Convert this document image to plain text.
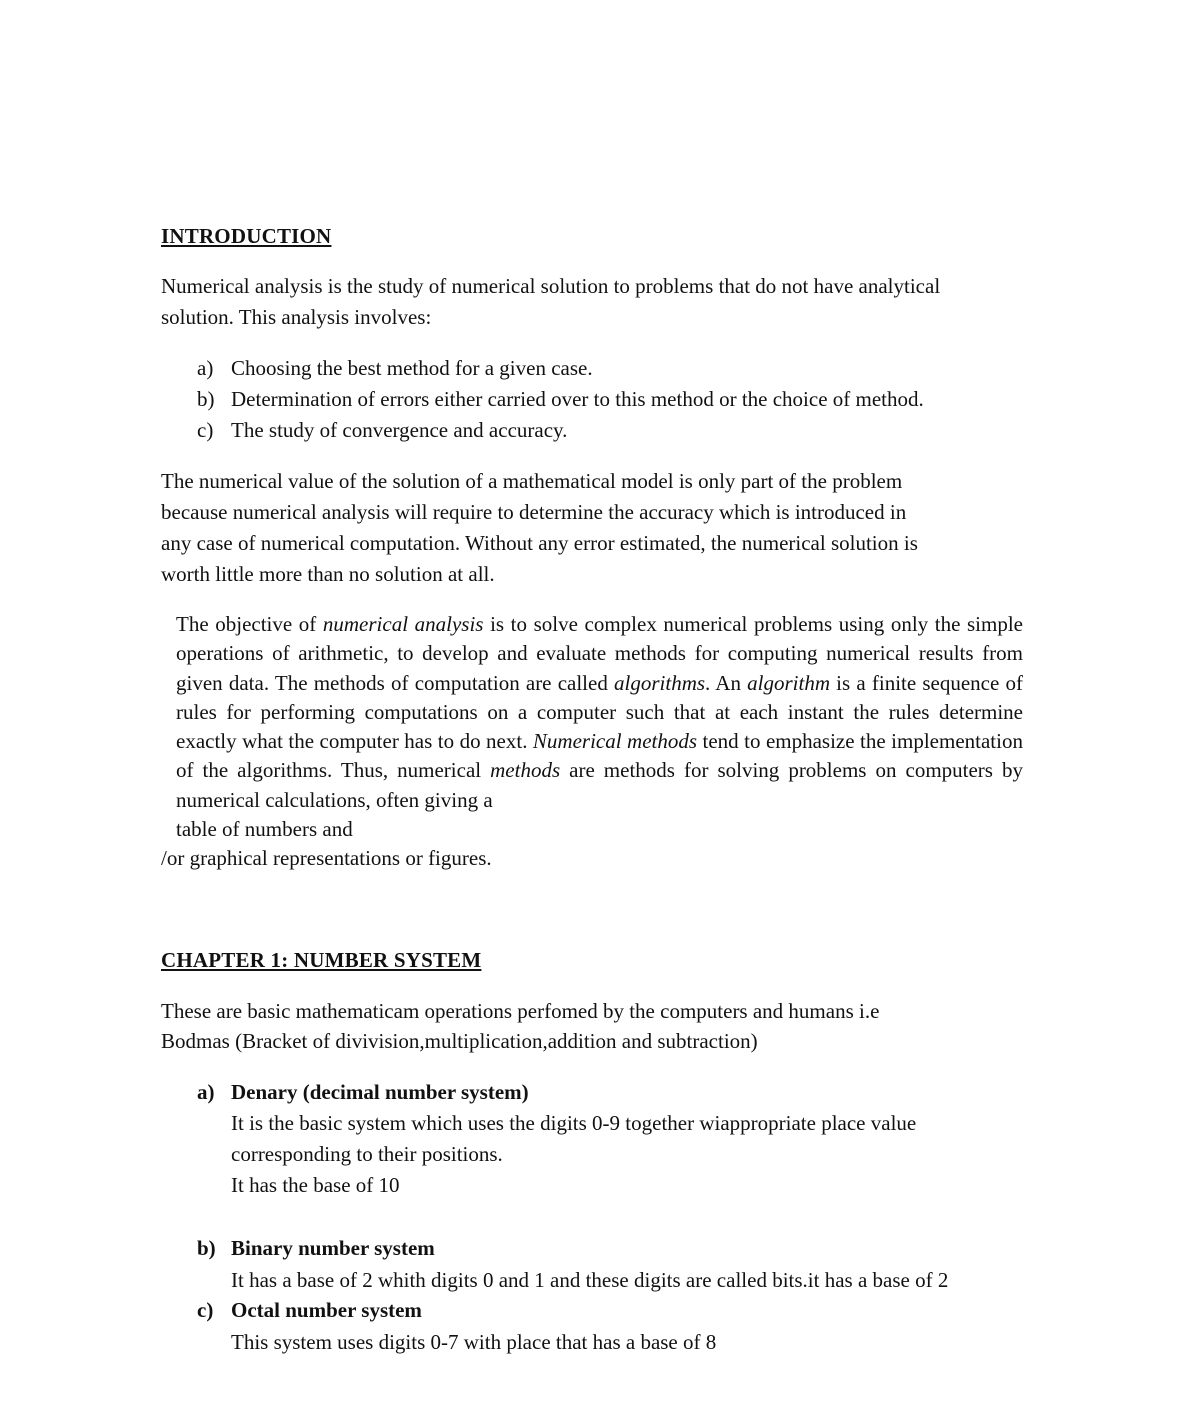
INTRODUCTION
Numerical analysis is the study of numerical solution to problems that do not have analytical
solution. This analysis involves:
a) Choosing the best method for a given case.
b) Determination of errors either carried over to this method or the choice of method.
c) The study of convergence and accuracy.
The numerical value of the solution of a mathematical model is only part of the problem
because numerical analysis will require to determine the accuracy which is introduced in
any case of numerical computation. Without any error estimated, the numerical solution is
worth little more than no solution at all.
The objective of numerical analysis is to solve complex numerical problems using only the simple operations of arithmetic, to develop and evaluate methods for computing numerical results from given data. The methods of computation are called algorithms. An algorithm is a finite sequence of rules for performing computations on a computer such that at each instant the rules determine exactly what the computer has to do next. Numerical methods tend to emphasize the implementation of the algorithms. Thus, numerical methods are methods for solving problems on computers by numerical calculations, often giving a
table of numbers and
/or graphical representations or figures.
CHAPTER 1: NUMBER SYSTEM
These are basic mathematicam operations perfomed by the computers and humans i.e
Bodmas (Bracket of divivision,multiplication,addition and subtraction)
a) Denary (decimal number system)
It is the basic system which uses the digits 0-9 together wiappropriate place value
corresponding to their positions.
It has the base of 10
b) Binary number system
It has a base of 2 whith digits 0 and 1 and these digits are called bits.it has a base of 2
c) Octal number system
This system uses digits 0-7 with place that has a base of 8
